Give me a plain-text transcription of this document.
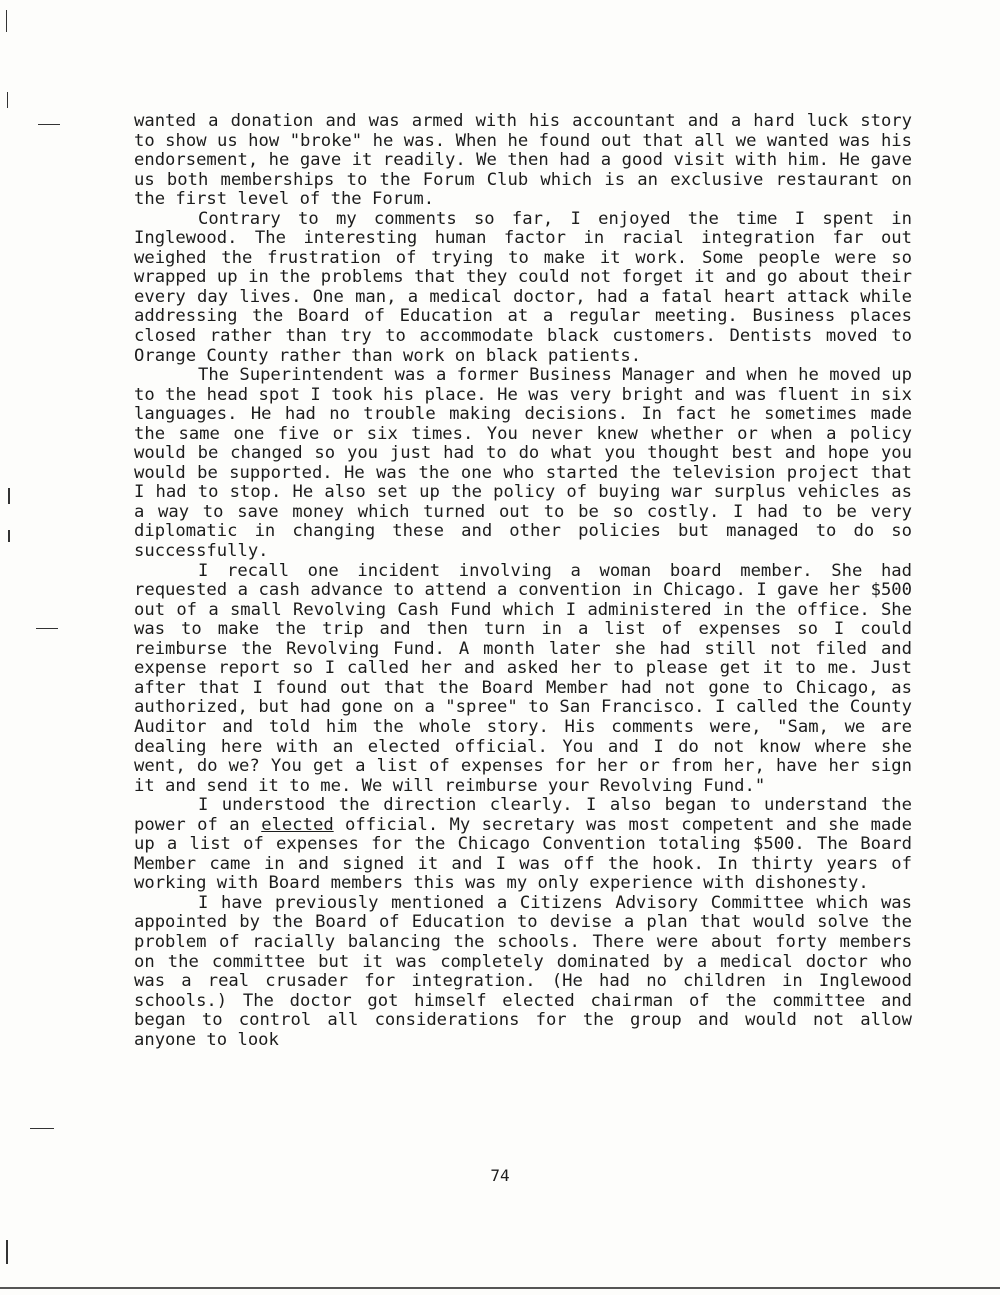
wanted a donation and was armed with his accountant and a hard luck story to show us how "broke" he was. When he found out that all we wanted was his endorsement, he gave it readily. We then had a good visit with him. He gave us both memberships to the Forum Club which is an exclusive restaurant on the first level of the Forum.

Contrary to my comments so far, I enjoyed the time I spent in Inglewood. The interesting human factor in racial integration far out weighed the frustration of trying to make it work. Some people were so wrapped up in the problems that they could not forget it and go about their every day lives. One man, a medical doctor, had a fatal heart attack while addressing the Board of Education at a regular meeting. Business places closed rather than try to accommodate black customers. Dentists moved to Orange County rather than work on black patients.

The Superintendent was a former Business Manager and when he moved up to the head spot I took his place. He was very bright and was fluent in six languages. He had no trouble making decisions. In fact he sometimes made the same one five or six times. You never knew whether or when a policy would be changed so you just had to do what you thought best and hope you would be supported. He was the one who started the television project that I had to stop. He also set up the policy of buying war surplus vehicles as a way to save money which turned out to be so costly. I had to be very diplomatic in changing these and other policies but managed to do so successfully.

I recall one incident involving a woman board member. She had requested a cash advance to attend a convention in Chicago. I gave her $500 out of a small Revolving Cash Fund which I administered in the office. She was to make the trip and then turn in a list of expenses so I could reimburse the Revolving Fund. A month later she had still not filed and expense report so I called her and asked her to please get it to me. Just after that I found out that the Board Member had not gone to Chicago, as authorized, but had gone on a "spree" to San Francisco. I called the County Auditor and told him the whole story. His comments were, "Sam, we are dealing here with an elected official. You and I do not know where she went, do we? You get a list of expenses for her or from her, have her sign it and send it to me. We will reimburse your Revolving Fund."

I understood the direction clearly. I also began to understand the power of an elected official. My secretary was most competent and she made up a list of expenses for the Chicago Convention totaling $500. The Board Member came in and signed it and I was off the hook. In thirty years of working with Board members this was my only experience with dishonesty.

I have previously mentioned a Citizens Advisory Committee which was appointed by the Board of Education to devise a plan that would solve the problem of racially balancing the schools. There were about forty members on the committee but it was completely dominated by a medical doctor who was a real crusader for integration. (He had no children in Inglewood schools.) The doctor got himself elected chairman of the committee and began to control all considerations for the group and would not allow anyone to look

74
